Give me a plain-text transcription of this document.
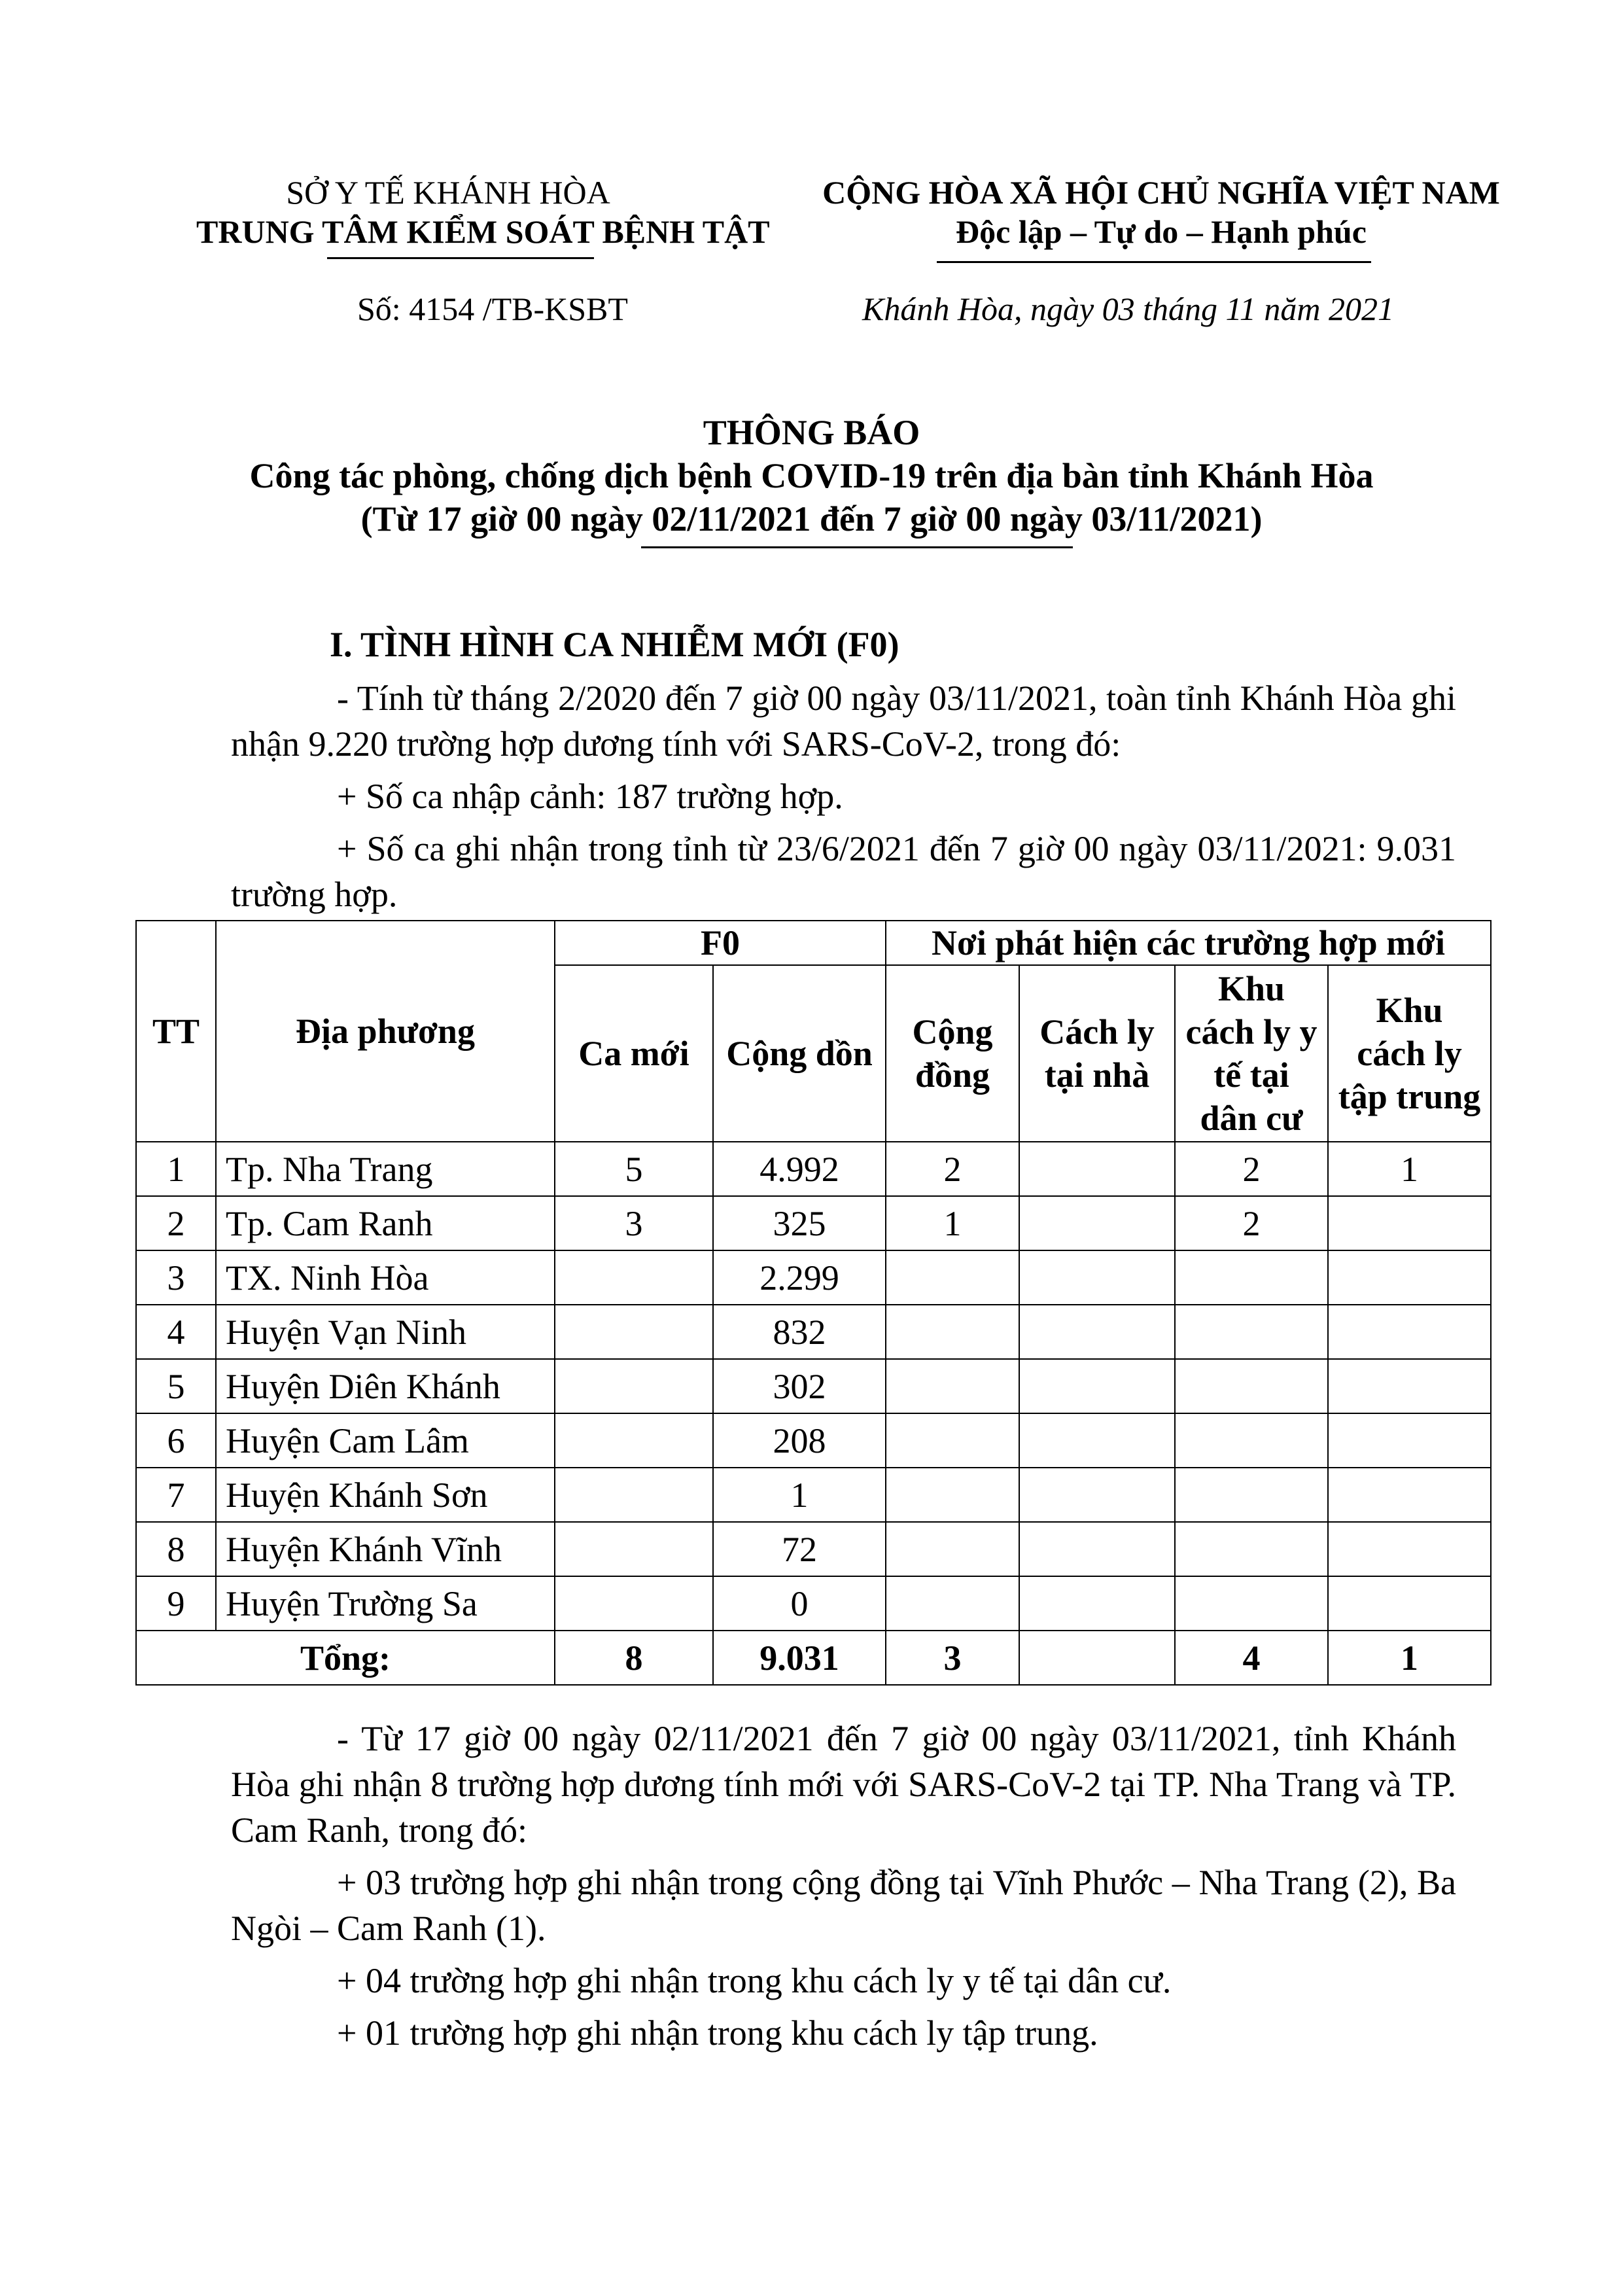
SỞ Y TẾ KHÁNH HÒA
TRUNG TÂM KIỂM SOÁT BỆNH TẬT
CỘNG HÒA XÃ HỘI CHỦ NGHĨA VIỆT NAM
Độc lập – Tự do – Hạnh phúc
Số: 4154 /TB-KSBT	Khánh Hòa, ngày 03 tháng 11 năm 2021
THÔNG BÁO
Công tác phòng, chống dịch bệnh COVID-19 trên địa bàn tỉnh Khánh Hòa
(Từ 17 giờ 00 ngày 02/11/2021 đến 7 giờ 00 ngày 03/11/2021)
I. TÌNH HÌNH CA NHIỄM MỚI (F0)
- Tính từ tháng 2/2020 đến 7 giờ 00 ngày 03/11/2021, toàn tỉnh Khánh Hòa ghi nhận 9.220 trường hợp dương tính với SARS-CoV-2, trong đó:
+ Số ca nhập cảnh: 187 trường hợp.
+ Số ca ghi nhận trong tỉnh từ 23/6/2021 đến 7 giờ 00 ngày 03/11/2021: 9.031 trường hợp.
TT	Địa phương	F0		Nơi phát hiện các trường hợp mới			
		Ca mới	Cộng dồn	Cộng đồng	Cách ly tại nhà	Khu cách ly y tế tại dân cư	Khu cách ly tập trung
1	Tp. Nha Trang	5	4.992	2		2	1
2	Tp. Cam Ranh	3	325	1		2	
3	TX. Ninh Hòa		2.299				
4	Huyện Vạn Ninh		832				
5	Huyện Diên Khánh		302				
6	Huyện Cam Lâm		208				
7	Huyện Khánh Sơn		1				
8	Huyện Khánh Vĩnh		72				
9	Huyện Trường Sa		0				
Tổng:		8	9.031	3		4	1
- Từ 17 giờ 00 ngày 02/11/2021 đến 7 giờ 00 ngày 03/11/2021, tỉnh Khánh Hòa ghi nhận 8 trường hợp dương tính mới với SARS-CoV-2 tại TP. Nha Trang và TP. Cam Ranh, trong đó:
+ 03 trường hợp ghi nhận trong cộng đồng tại Vĩnh Phước – Nha Trang (2), Ba Ngòi – Cam Ranh (1).
+ 04 trường hợp ghi nhận trong khu cách ly y tế tại dân cư.
+ 01 trường hợp ghi nhận trong khu cách ly tập trung.
